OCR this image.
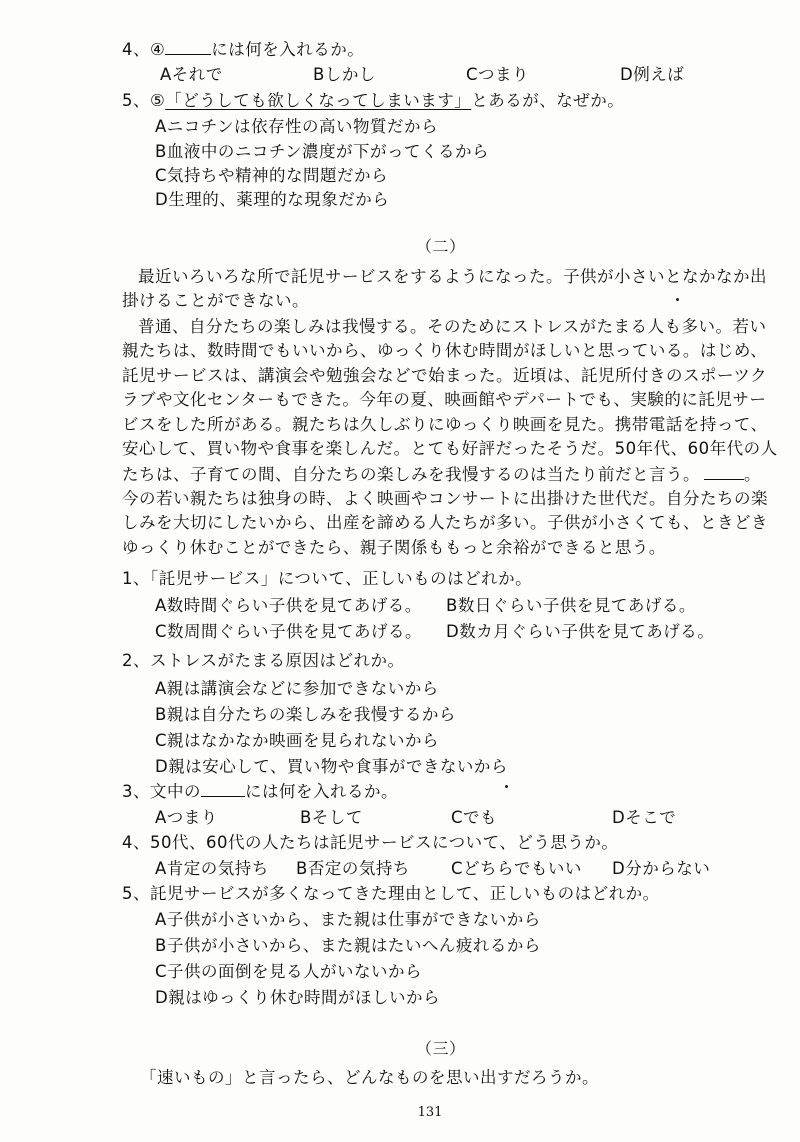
4、④	には何を入れるか。
Aそれで	Bしかし	Cつまり	D例えば
5、⑤「どうしても欲しくなってしまいます」とあるが、なぜか。
Aニコチンは依存性の高い物質だから
B血液中のニコチン濃度が下がってくるから
C気持ちや精神的な問題だから
D生理的、薬理的な現象だから
（二）
最近いろいろな所で託児サービスをするようになった。子供が小さいとなかなか出
掛けることができない。
普通、自分たちの楽しみは我慢する。そのためにストレスがたまる人も多い。若い
親たちは、数時間でもいいから、ゆっくり休む時間がほしいと思っている。はじめ、
託児サービスは、講演会や勉強会などで始まった。近頃は、託児所付きのスポーツク
ラブや文化センターもできた。今年の夏、映画館やデパートでも、実験的に託児サー
ビスをした所がある。親たちは久しぶりにゆっくり映画を見た。携帯電話を持って、
安心して、買い物や食事を楽しんだ。とても好評だったそうだ。50年代、60年代の人
たちは、子育ての間、自分たちの楽しみを我慢するのは当たり前だと言う。	。
今の若い親たちは独身の時、よく映画やコンサートに出掛けた世代だ。自分たちの楽
しみを大切にしたいから、出産を諦める人たちが多い。子供が小さくても、ときどき
ゆっくり休むことができたら、親子関係ももっと余裕ができると思う。
1、「託児サービス」について、正しいものはどれか。
A数時間ぐらい子供を見てあげる。 B数日ぐらい子供を見てあげる。
C数周間ぐらい子供を見てあげる。 D数カ月ぐらい子供を見てあげる。
2、ストレスがたまる原因はどれか。
A親は講演会などに参加できないから
B親は自分たちの楽しみを我慢するから
C親はなかなか映画を見られないから
D親は安心して、買い物や食事ができないから
3、文中の	には何を入れるか。
Aつまり	Bそして	Cでも	Dそこで
4、50代、60代の人たちは託児サービスについて、どう思うか。
A肯定の気持ち B否定の気持ち Cどちらでもいい D分からない
5、託児サービスが多くなってきた理由として、正しいものはどれか。
A子供が小さいから、また親は仕事ができないから
B子供が小さいから、また親はたいへん疲れるから
C子供の面倒を見る人がいないから
D親はゆっくり休む時間がほしいから
（三）
「速いもの」と言ったら、どんなものを思い出すだろうか。
131
